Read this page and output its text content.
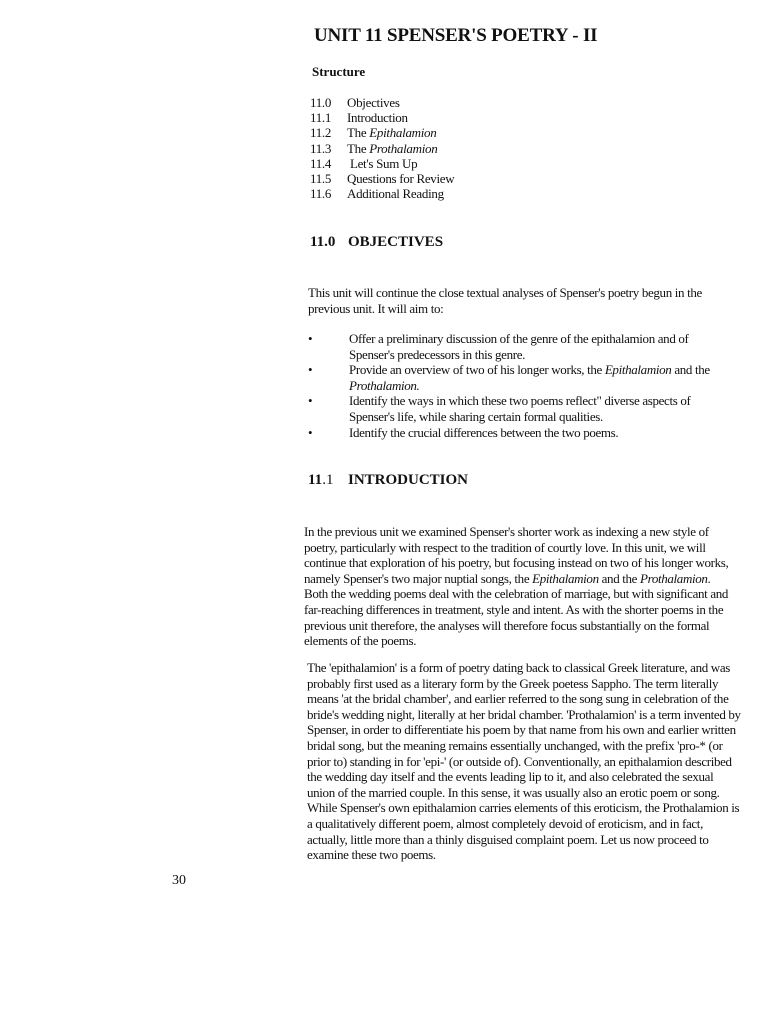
UNIT 11 SPENSER'S POETRY - II
Structure
11.0	Objectives
11.1	Introduction
11.2	The Epithalamion
11.3	The Prothalamion
11.4	Let's Sum Up
11.5	Questions for Review
11.6	Additional Reading
11.0 OBJECTIVES
This unit will continue the close textual analyses of Spenser's poetry begun in the previous unit. It will aim to:
•	Offer a preliminary discussion of the genre of the epithalamion and of Spenser's predecessors in this genre.
•	Provide an overview of two of his longer works, the Epithalamion and the Prothalamion.
•	Identify the ways in which these two poems reflect" diverse aspects of Spenser's life, while sharing certain formal qualities.
•	Identify the crucial differences between the two poems.
11.1 INTRODUCTION
In the previous unit we examined Spenser's shorter work as indexing a new style of poetry, particularly with respect to the tradition of courtly love. In this unit, we will continue that exploration of his poetry, but focusing instead on two of his longer works, namely Spenser's two major nuptial songs, the Epithalamion and the Prothalamion. Both the wedding poems deal with the celebration of marriage, but with significant and far-reaching differences in treatment, style and intent. As with the shorter poems in the previous unit therefore, the analyses will therefore focus substantially on the formal elements of the poems.
The 'epithalamion' is a form of poetry dating back to classical Greek literature, and was probably first used as a literary form by the Greek poetess Sappho. The term literally means 'at the bridal chamber', and earlier referred to the song sung in celebration of the bride's wedding night, literally at her bridal chamber. 'Prothalamion' is a term invented by Spenser, in order to differentiate his poem by that name from his own and earlier written bridal song, but the meaning remains essentially unchanged, with the prefix 'pro-* (or prior to) standing in for 'epi-' (or outside of). Conventionally, an epithalamion described the wedding day itself and the events leading lip to it, and also celebrated the sexual union of the married couple. In this sense, it was usually also an erotic poem or song. While Spenser's own epithalamion carries elements of this eroticism, the Prothalamion is a qualitatively different poem, almost completely devoid of eroticism, and in fact, actually, little more than a thinly disguised complaint poem. Let us now proceed to examine these two poems.
30
